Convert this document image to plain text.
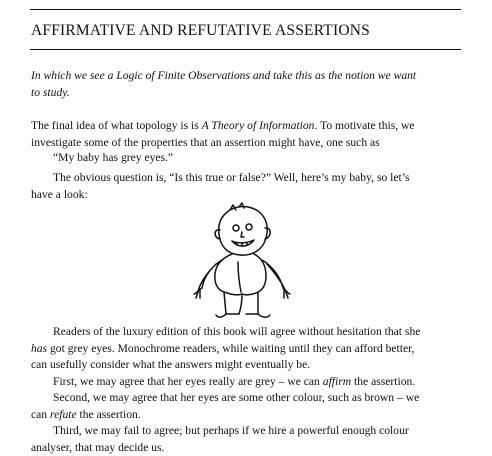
AFFIRMATIVE AND REFUTATIVE ASSERTIONS

In which we see a Logic of Finite Observations and take this as the notion we want
to study.

The final idea of what topology is is A Theory of Information. To motivate this, we
investigate some of the properties that an assertion might have, one such as

“My baby has grey eyes.”

The obvious question is, “Is this true or false?” Well, here’s my baby, so let’s
have a look:

Readers of the luxury edition of this book will agree without hesitation that she
has got grey eyes. Monochrome readers, while waiting until they can afford better,
can usefully consider what the answers might eventually be.
First, we may agree that her eyes really are grey – we can affirm the assertion.
Second, we may agree that her eyes are some other colour, such as brown – we
can refute the assertion.
Third, we may fail to agree; but perhaps if we hire a powerful enough colour
analyser, that may decide us.
